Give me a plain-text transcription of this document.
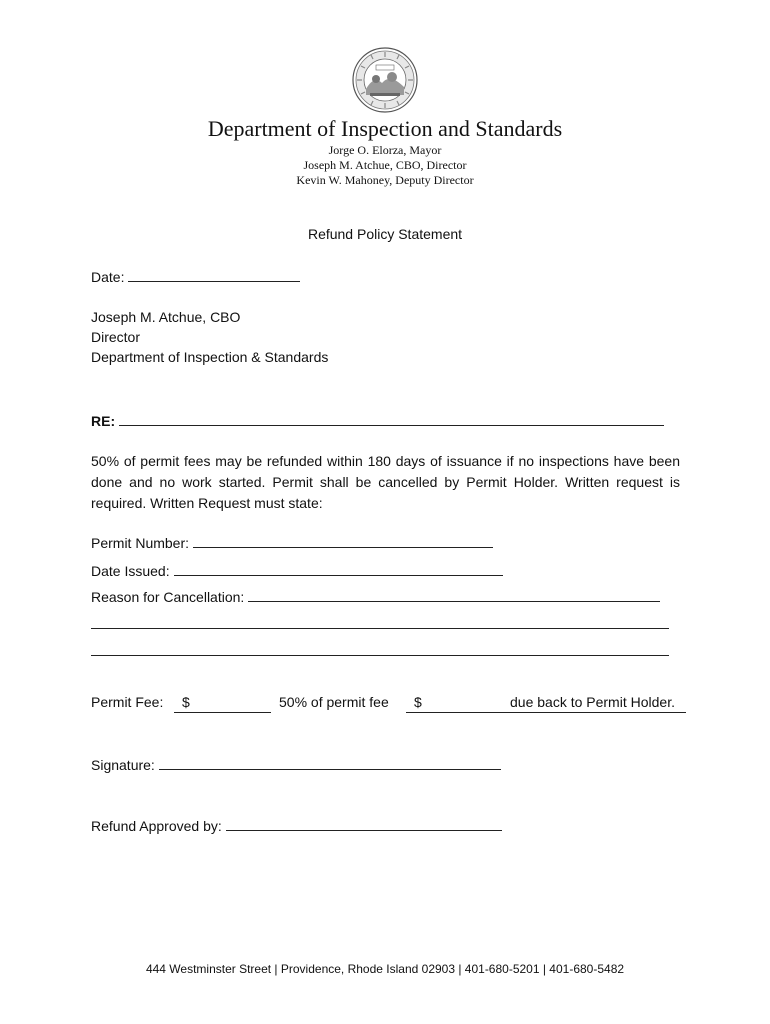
Department of Inspection and Standards
Jorge O. Elorza, Mayor
Joseph M. Atchue, CBO, Director
Kevin W. Mahoney, Deputy Director
Refund Policy Statement
Date:
Joseph M. Atchue, CBO
Director
Department of Inspection & Standards
RE:
50% of permit fees may be refunded within 180 days of issuance if no inspections have been done and no work started. Permit shall be cancelled by Permit Holder. Written request is required. Written Request must state:
Permit Number:
Date Issued:
Reason for Cancellation:
Permit Fee: $	50% of permit fee $	due back to Permit Holder.
Signature:
Refund Approved by:
444 Westminster Street | Providence, Rhode Island 02903 | 401-680-5201 | 401-680-5482
